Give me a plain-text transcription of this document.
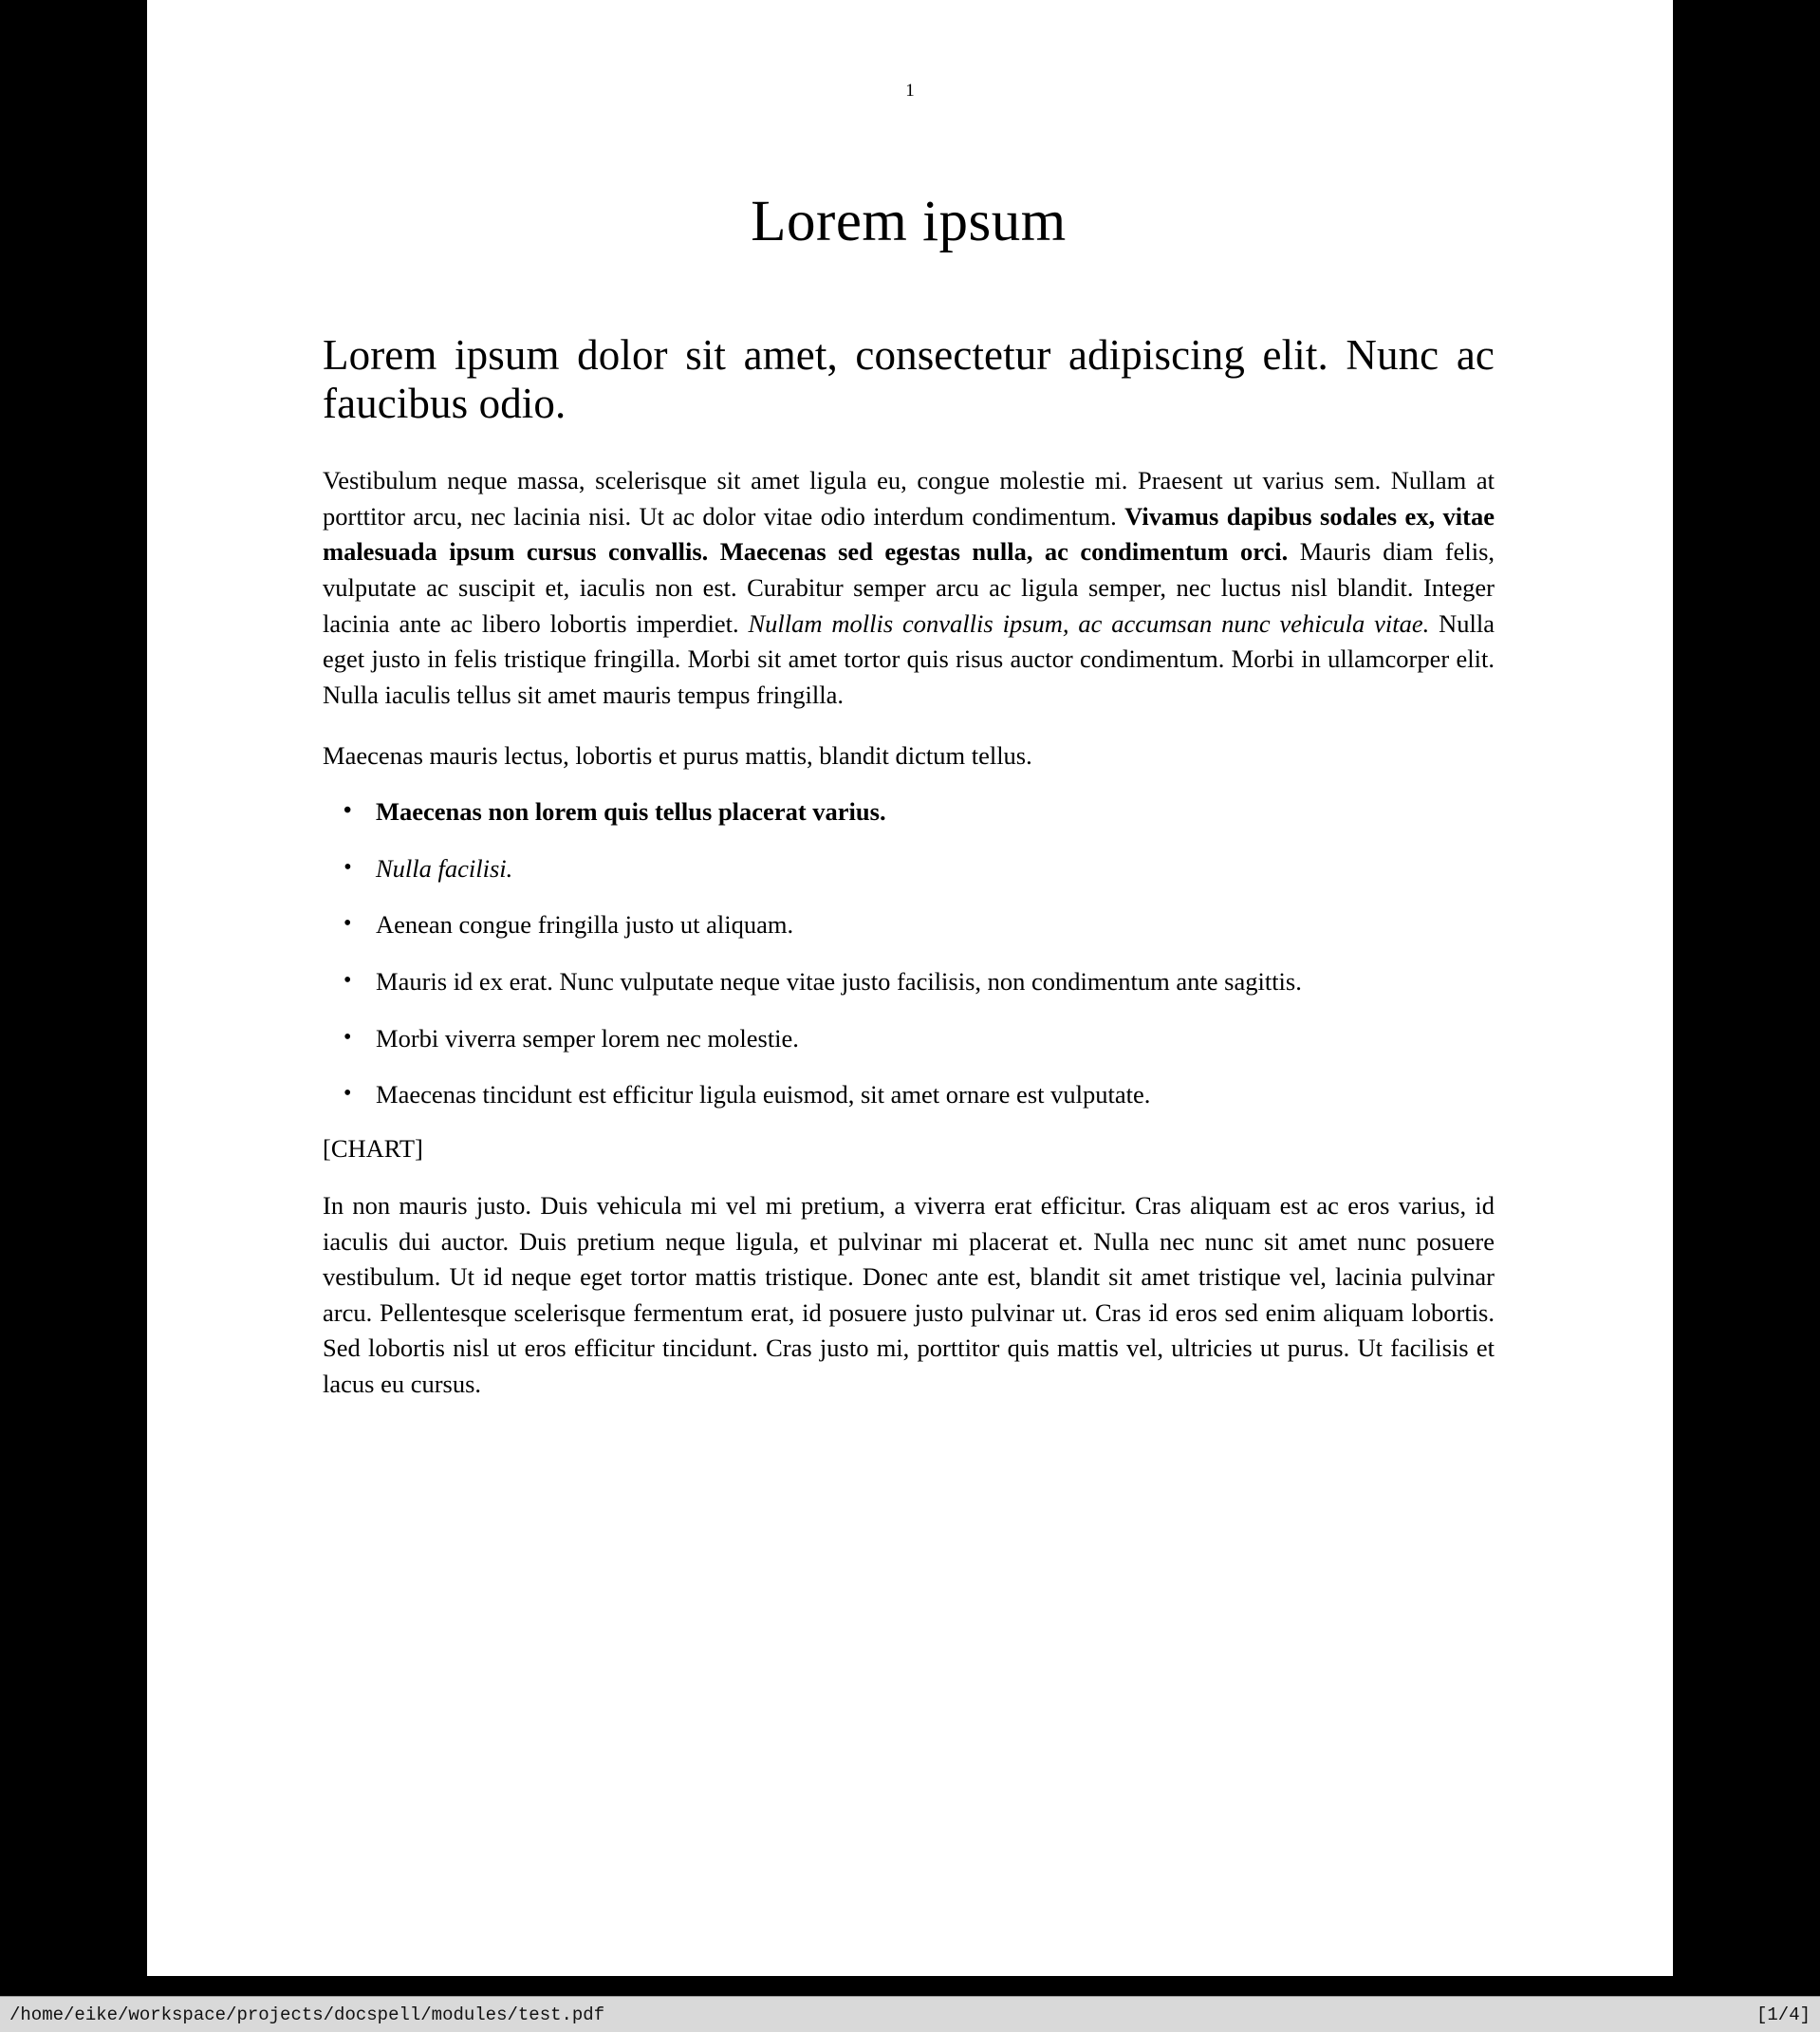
1
Lorem ipsum
Lorem ipsum dolor sit amet, consectetur adipiscing elit. Nunc ac faucibus odio.

Vestibulum neque massa, scelerisque sit amet ligula eu, congue molestie mi. Praesent ut varius sem. Nullam at porttitor arcu, nec lacinia nisi. Ut ac dolor vitae odio interdum condimentum. Vivamus dapibus sodales ex, vitae malesuada ipsum cursus convallis. Maecenas sed egestas nulla, ac condimentum orci. Mauris diam felis, vulputate ac suscipit et, iaculis non est. Curabitur semper arcu ac ligula semper, nec luctus nisl blandit. Integer lacinia ante ac libero lobortis imperdiet. Nullam mollis convallis ipsum, ac accumsan nunc vehicula vitae. Nulla eget justo in felis tristique fringilla. Morbi sit amet tortor quis risus auctor condimentum. Morbi in ullamcorper elit. Nulla iaculis tellus sit amet mauris tempus fringilla.

Maecenas mauris lectus, lobortis et purus mattis, blandit dictum tellus.

• Maecenas non lorem quis tellus placerat varius.
• Nulla facilisi.
• Aenean congue fringilla justo ut aliquam.
• Mauris id ex erat. Nunc vulputate neque vitae justo facilisis, non condimentum ante sagittis.
• Morbi viverra semper lorem nec molestie.
• Maecenas tincidunt est efficitur ligula euismod, sit amet ornare est vulputate.
[CHART]

In non mauris justo. Duis vehicula mi vel mi pretium, a viverra erat efficitur. Cras aliquam est ac eros varius, id iaculis dui auctor. Duis pretium neque ligula, et pulvinar mi placerat et. Nulla nec nunc sit amet nunc posuere vestibulum. Ut id neque eget tortor mattis tristique. Donec ante est, blandit sit amet tristique vel, lacinia pulvinar arcu. Pellentesque scelerisque fermentum erat, id posuere justo pulvinar ut. Cras id eros sed enim aliquam lobortis. Sed lobortis nisl ut eros efficitur tincidunt. Cras justo mi, porttitor quis mattis vel, ultricies ut purus. Ut facilisis et lacus eu cursus.

/home/eike/workspace/projects/docspell/modules/test.pdf	[1/4]
